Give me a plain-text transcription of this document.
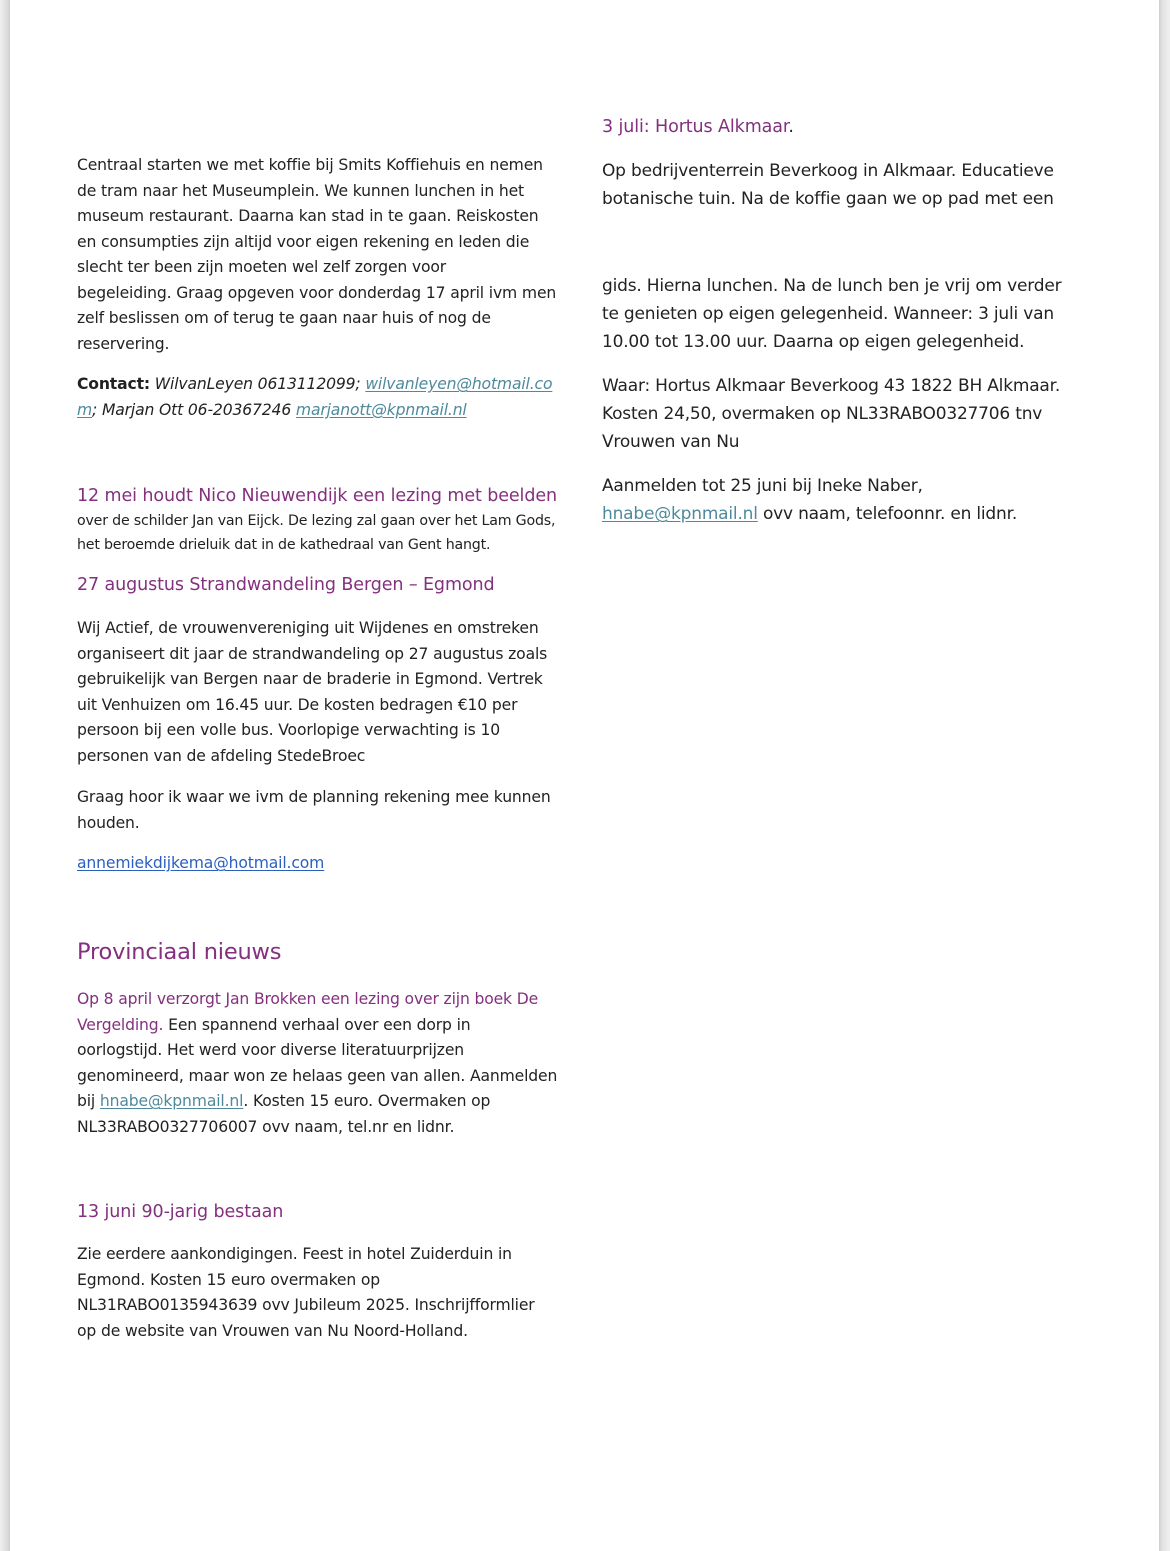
Centraal starten we met koffie bij Smits Koffiehuis en nemen
de tram naar het Museumplein. We kunnen lunchen in het
museum restaurant. Daarna kan stad in te gaan. Reiskosten
en consumpties zijn altijd voor eigen rekening en leden die
slecht ter been zijn moeten wel zelf zorgen voor
begeleiding. Graag opgeven voor donderdag 17 april ivm men
zelf beslissen om of terug te gaan naar huis of nog de
reservering.
Contact: WilvanLeyen 0613112099; wilvanleyen@hotmail.co
m; Marjan Ott 06-20367246 marjanott@kpnmail.nl
12 mei houdt Nico Nieuwendijk een lezing met beelden
over de schilder Jan van Eijck. De lezing zal gaan over het Lam Gods,
het beroemde drieluik dat in de kathedraal van Gent hangt.
27 augustus Strandwandeling Bergen – Egmond
Wij Actief, de vrouwenvereniging uit Wijdenes en omstreken
organiseert dit jaar de strandwandeling op 27 augustus zoals
gebruikelijk van Bergen naar de braderie in Egmond. Vertrek
uit Venhuizen om 16.45 uur. De kosten bedragen €10 per
persoon bij een volle bus. Voorlopige verwachting is 10
personen van de afdeling StedeBroec
Graag hoor ik waar we ivm de planning rekening mee kunnen
houden.
annemiekdijkema@hotmail.com
Provinciaal nieuws
Op 8 april verzorgt Jan Brokken een lezing over zijn boek De
Vergelding. Een spannend verhaal over een dorp in
oorlogstijd. Het werd voor diverse literatuurprijzen
genomineerd, maar won ze helaas geen van allen. Aanmelden
bij hnabe@kpnmail.nl. Kosten 15 euro. Overmaken op
NL33RABO0327706007 ovv naam, tel.nr en lidnr.
13 juni 90-jarig bestaan
Zie eerdere aankondigingen. Feest in hotel Zuiderduin in
Egmond. Kosten 15 euro overmaken op
NL31RABO0135943639 ovv Jubileum 2025. Inschrijfformlier
op de website van Vrouwen van Nu Noord-Holland.
3 juli: Hortus Alkmaar.
Op bedrijventerrein Beverkoog in Alkmaar. Educatieve
botanische tuin. Na de koffie gaan we op pad met een
gids. Hierna lunchen. Na de lunch ben je vrij om verder
te genieten op eigen gelegenheid. Wanneer: 3 juli van
10.00 tot 13.00 uur. Daarna op eigen gelegenheid.
Waar: Hortus Alkmaar Beverkoog 43 1822 BH Alkmaar.
Kosten 24,50, overmaken op NL33RABO0327706 tnv
Vrouwen van Nu
Aanmelden tot 25 juni bij Ineke Naber,
hnabe@kpnmail.nl ovv naam, telefoonnr. en lidnr.
